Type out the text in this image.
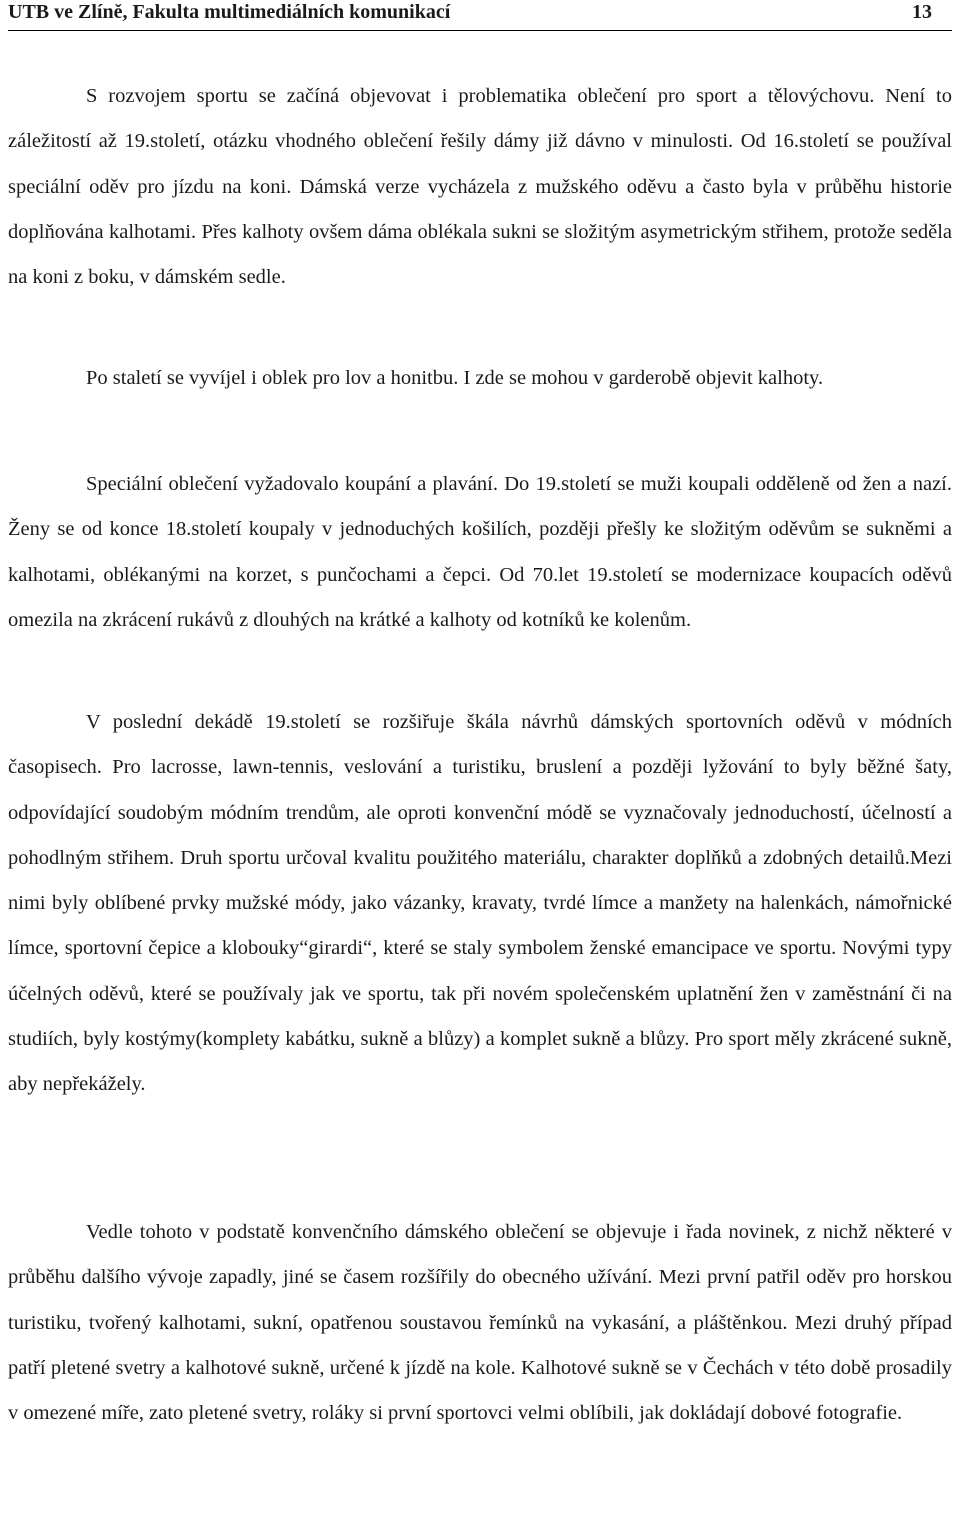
UTB ve Zlíně, Fakulta multimediálních komunikací	13

S rozvojem sportu se začíná objevovat i problematika oblečení pro sport a tělovýchovu. Není to záležitostí až 19.století, otázku vhodného oblečení řešily dámy již dávno v minulosti. Od 16.století se používal speciální oděv pro jízdu na koni. Dámská verze vycházela z mužského oděvu a často byla v průběhu historie doplňována kalhotami. Přes kalhoty ovšem dáma oblékala sukni se složitým asymetrickým střihem, protože seděla na koni z boku, v dámském sedle.

Po staletí se vyvíjel i oblek pro lov a honitbu. I zde se mohou v garderobě objevit kalhoty.

Speciální oblečení vyžadovalo koupání a plavání. Do 19.století se muži koupali odděleně od žen a nazí. Ženy se od konce 18.století koupaly v jednoduchých košilích, později přešly ke složitým oděvům se sukněmi a kalhotami, oblékanými na korzet, s punčochami a čepci. Od 70.let 19.století se modernizace koupacích oděvů omezila na zkrácení rukávů z dlouhých na krátké a kalhoty od kotníků ke kolenům.

V poslední dekádě 19.století se rozšiřuje škála návrhů dámských sportovních oděvů v módních časopisech. Pro lacrosse, lawn-tennis, veslování a turistiku, bruslení a později lyžování to byly běžné šaty, odpovídající soudobým módním trendům, ale oproti konvenční módě se vyznačovaly jednoduchostí, účelností a pohodlným střihem. Druh sportu určoval kvalitu použitého materiálu, charakter doplňků a zdobných detailů.Mezi nimi byly oblíbené prvky mužské módy, jako vázanky, kravaty, tvrdé límce a manžety na halenkách, námořnické límce, sportovní čepice a klobouky“girardi“, které se staly symbolem ženské emancipace ve sportu. Novými typy účelných oděvů, které se používaly jak ve sportu, tak při novém společenském uplatnění žen v zaměstnání či na studiích, byly kostýmy(komplety kabátku, sukně a blůzy) a komplet sukně a blůzy. Pro sport měly zkrácené sukně, aby nepřekážely.

Vedle tohoto v podstatě konvenčního dámského oblečení se objevuje i řada novinek, z nichž některé v průběhu dalšího vývoje zapadly, jiné se časem rozšířily do obecného užívání. Mezi první patřil oděv pro horskou turistiku, tvořený kalhotami, sukní, opatřenou soustavou řemínků na vykasání, a pláštěnkou. Mezi druhý případ patří pletené svetry a kalhotové sukně, určené k jízdě na kole. Kalhotové sukně se v Čechách v této době prosadily v omezené míře, zato pletené svetry, roláky si první sportovci velmi oblíbili, jak dokládají dobové fotografie.
